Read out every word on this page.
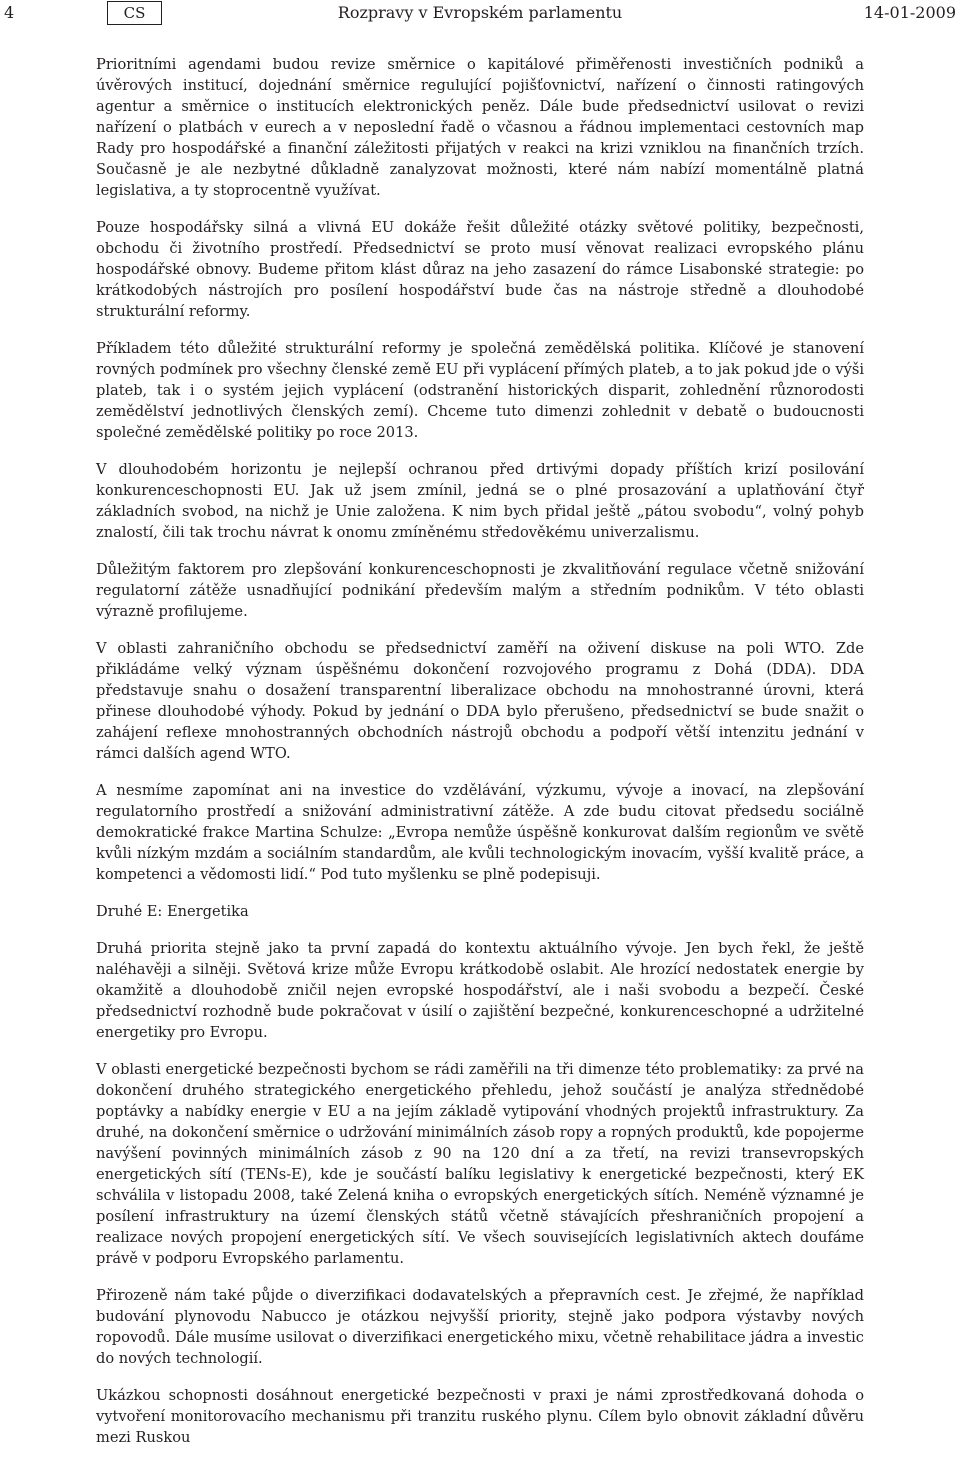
4	CS	Rozpravy v Evropském parlamentu	14-01-2009

Prioritními agendami budou revize směrnice o kapitálové přiměřenosti investičních podniků a úvěrových institucí, dojednání směrnice regulující pojišťovnictví, nařízení o činnosti ratingových agentur a směrnice o institucích elektronických peněz. Dále bude předsednictví usilovat o revizi nařízení o platbách v eurech a v neposlední řadě o včasnou a řádnou implementaci cestovních map Rady pro hospodářské a finanční záležitosti přijatých v reakci na krizi vzniklou na finančních trzích. Současně je ale nezbytné důkladně zanalyzovat možnosti, které nám nabízí momentálně platná legislativa, a ty stoprocentně využívat.

Pouze hospodářsky silná a vlivná EU dokáže řešit důležité otázky světové politiky, bezpečnosti, obchodu či životního prostředí. Předsednictví se proto musí věnovat realizaci evropského plánu hospodářské obnovy. Budeme přitom klást důraz na jeho zasazení do rámce Lisabonské strategie: po krátkodobých nástrojích pro posílení hospodářství bude čas na nástroje středně a dlouhodobé strukturální reformy.

Příkladem této důležité strukturální reformy je společná zemědělská politika. Klíčové je stanovení rovných podmínek pro všechny členské země EU při vyplácení přímých plateb, a to jak pokud jde o výši plateb, tak i o systém jejich vyplácení (odstranění historických disparit, zohlednění různorodosti zemědělství jednotlivých členských zemí). Chceme tuto dimenzi zohlednit v debatě o budoucnosti společné zemědělské politiky po roce 2013.

V dlouhodobém horizontu je nejlepší ochranou před drtivými dopady příštích krizí posilování konkurenceschopnosti EU. Jak už jsem zmínil, jedná se o plné prosazování a uplatňování čtyř základních svobod, na nichž je Unie založena. K nim bych přidal ještě „pátou svobodu“, volný pohyb znalostí, čili tak trochu návrat k onomu zmíněnému středověkému univerzalismu.

Důležitým faktorem pro zlepšování konkurenceschopnosti je zkvalitňování regulace včetně snižování regulatorní zátěže usnadňující podnikání především malým a středním podnikům. V této oblasti výrazně profilujeme.

V oblasti zahraničního obchodu se předsednictví zaměří na oživení diskuse na poli WTO. Zde přikládáme velký význam úspěšnému dokončení rozvojového programu z Dohá (DDA). DDA představuje snahu o dosažení transparentní liberalizace obchodu na mnohostranné úrovni, která přinese dlouhodobé výhody. Pokud by jednání o DDA bylo přerušeno, předsednictví se bude snažit o zahájení reflexe mnohostranných obchodních nástrojů obchodu a podpoří větší intenzitu jednání v rámci dalších agend WTO.

A nesmíme zapomínat ani na investice do vzdělávání, výzkumu, vývoje a inovací, na zlepšování regulatorního prostředí a snižování administrativní zátěže. A zde budu citovat předsedu sociálně demokratické frakce Martina Schulze: „Evropa nemůže úspěšně konkurovat dalším regionům ve světě kvůli nízkým mzdám a sociálním standardům, ale kvůli technologickým inovacím, vyšší kvalitě práce, a kompetenci a vědomosti lidí.“ Pod tuto myšlenku se plně podepisuji.

Druhé E: Energetika

Druhá priorita stejně jako ta první zapadá do kontextu aktuálního vývoje. Jen bych řekl, že ještě naléhavěji a silněji. Světová krize může Evropu krátkodobě oslabit. Ale hrozící nedostatek energie by okamžitě a dlouhodobě zničil nejen evropské hospodářství, ale i naši svobodu a bezpečí. České předsednictví rozhodně bude pokračovat v úsilí o zajištění bezpečné, konkurenceschopné a udržitelné energetiky pro Evropu.

V oblasti energetické bezpečnosti bychom se rádi zaměřili na tři dimenze této problematiky: za prvé na dokončení druhého strategického energetického přehledu, jehož součástí je analýza střednědobé poptávky a nabídky energie v EU a na jejím základě vytipování vhodných projektů infrastruktury. Za druhé, na dokončení směrnice o udržování minimálních zásob ropy a ropných produktů, kde popojerme navýšení povinných minimálních zásob z 90 na 120 dní a za třetí, na revizi transevropských energetických sítí (TENs-E), kde je součástí balíku legislativy k energetické bezpečnosti, který EK schválila v listopadu 2008, také Zelená kniha o evropských energetických sítích. Neméně významné je posílení infrastruktury na území členských států včetně stávajících přeshraničních propojení a realizace nových propojení energetických sítí. Ve všech souvisejících legislativních aktech doufáme právě v podporu Evropského parlamentu.

Přirozeně nám také půjde o diverzifikaci dodavatelských a přepravních cest. Je zřejmé, že například budování plynovodu Nabucco je otázkou nejvyšší priority, stejně jako podpora výstavby nových ropovodů. Dále musíme usilovat o diverzifikaci energetického mixu, včetně rehabilitace jádra a investic do nových technologií.

Ukázkou schopnosti dosáhnout energetické bezpečnosti v praxi je námi zprostředkovaná dohoda o vytvoření monitorovacího mechanismu při tranzitu ruského plynu. Cílem bylo obnovit základní důvěru mezi Ruskou
